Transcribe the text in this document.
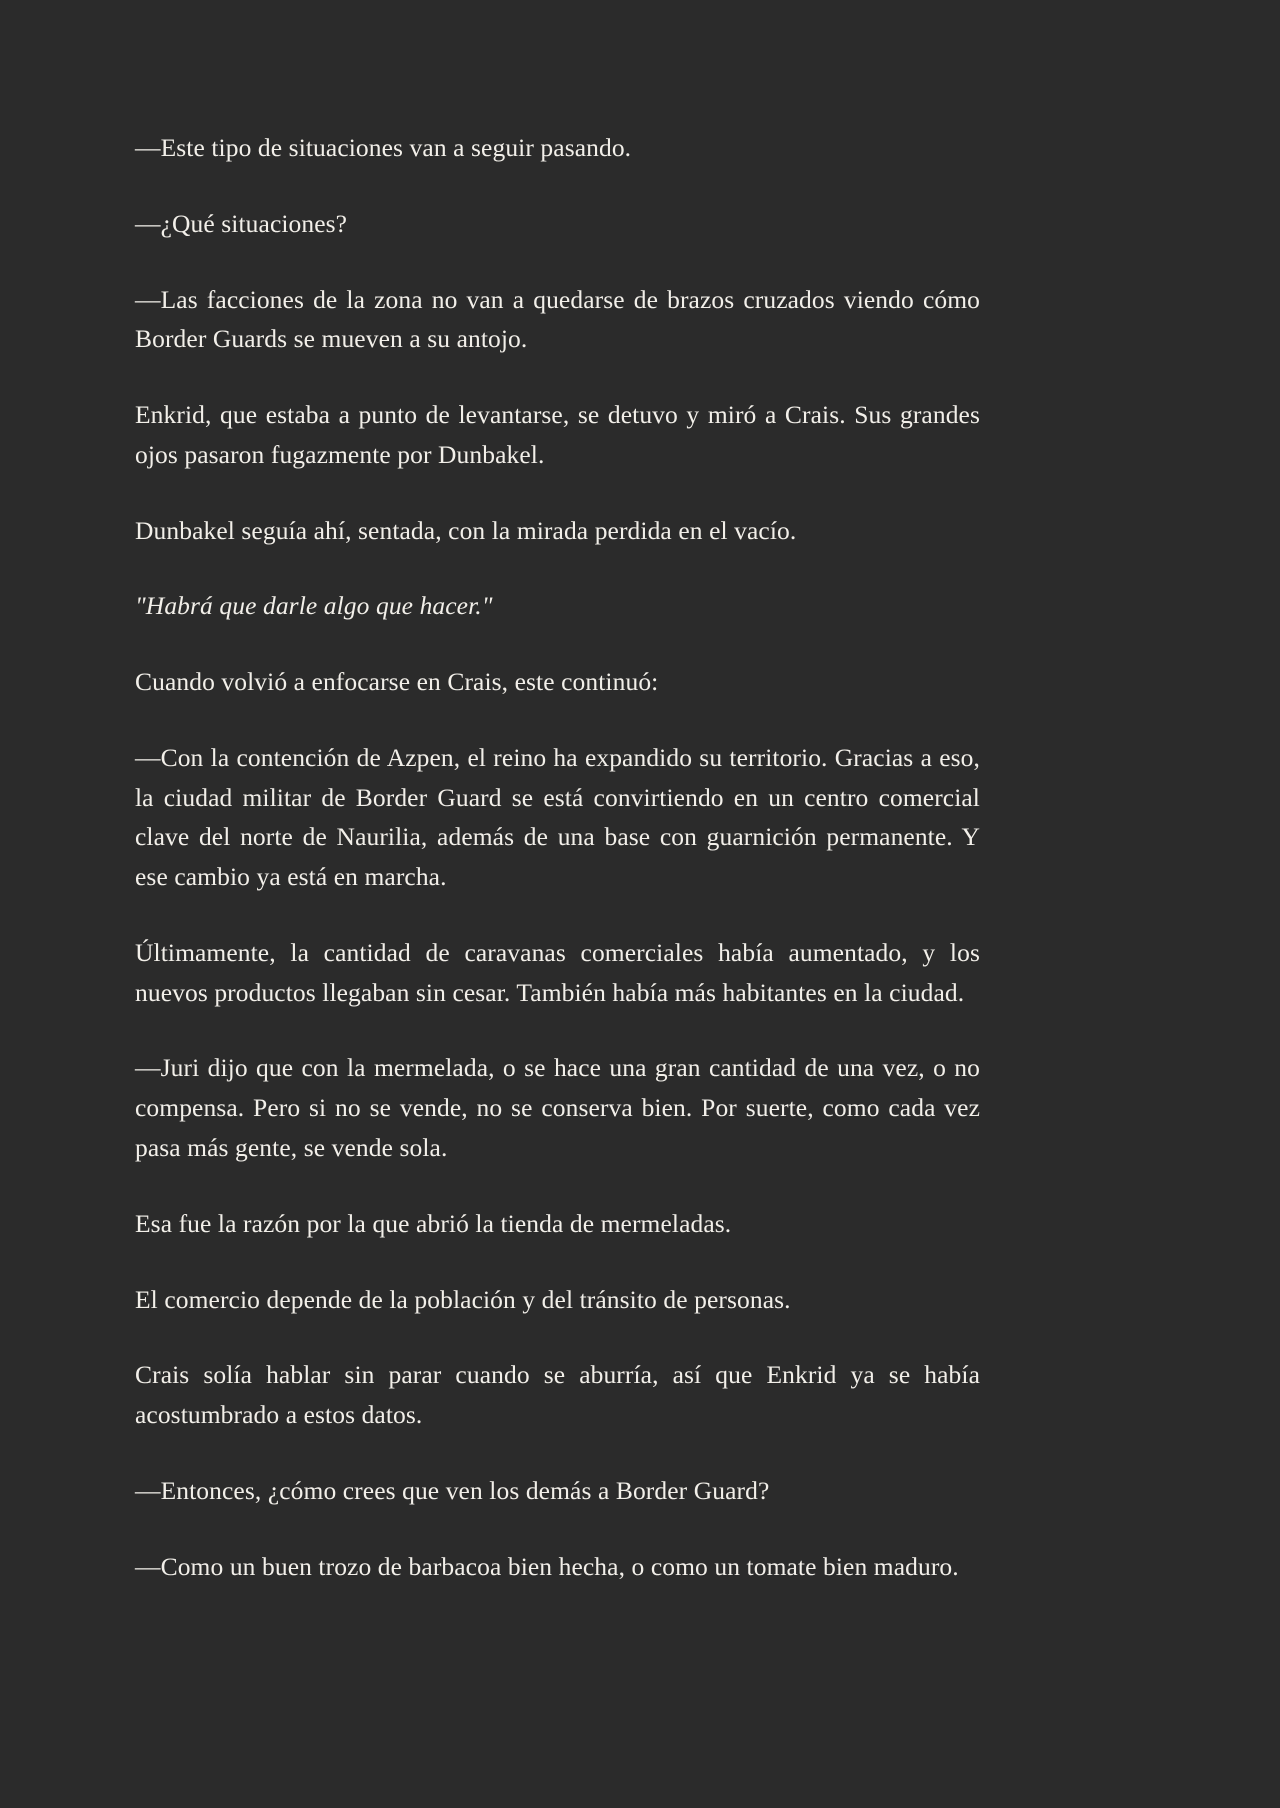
—Este tipo de situaciones van a seguir pasando.

—¿Qué situaciones?

—Las facciones de la zona no van a quedarse de brazos cruzados viendo cómo Border Guards se mueven a su antojo.

Enkrid, que estaba a punto de levantarse, se detuvo y miró a Crais. Sus grandes ojos pasaron fugazmente por Dunbakel.

Dunbakel seguía ahí, sentada, con la mirada perdida en el vacío.

"Habrá que darle algo que hacer."

Cuando volvió a enfocarse en Crais, este continuó:

—Con la contención de Azpen, el reino ha expandido su territorio. Gracias a eso, la ciudad militar de Border Guard se está convirtiendo en un centro comercial clave del norte de Naurilia, además de una base con guarnición permanente. Y ese cambio ya está en marcha.

Últimamente, la cantidad de caravanas comerciales había aumentado, y los nuevos productos llegaban sin cesar. También había más habitantes en la ciudad.

—Juri dijo que con la mermelada, o se hace una gran cantidad de una vez, o no compensa. Pero si no se vende, no se conserva bien. Por suerte, como cada vez pasa más gente, se vende sola.

Esa fue la razón por la que abrió la tienda de mermeladas.

El comercio depende de la población y del tránsito de personas.

Crais solía hablar sin parar cuando se aburría, así que Enkrid ya se había acostumbrado a estos datos.

—Entonces, ¿cómo crees que ven los demás a Border Guard?

—Como un buen trozo de barbacoa bien hecha, o como un tomate bien maduro.
